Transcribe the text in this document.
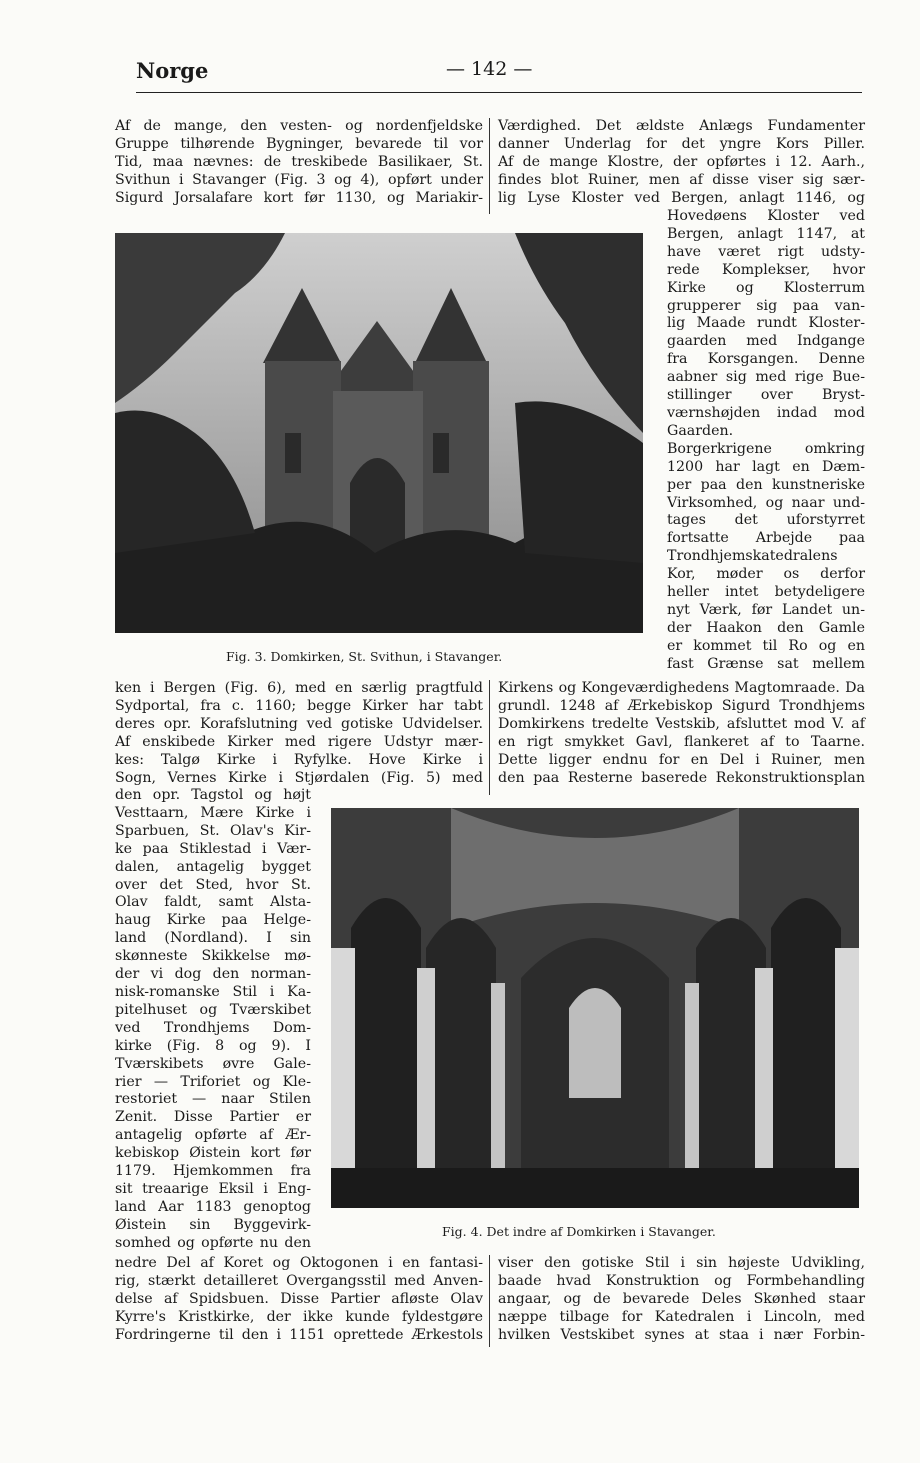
Norge	— 142 —

Af de mange, den vesten- og nordenfjeldske

Gruppe tilhørende Bygninger, bevarede til vor

Tid, maa nævnes: de treskibede Basilikaer, St.

Svithun i Stavanger (Fig. 3 og 4), opført under

Sigurd Jorsalafare kort før 1130, og Mariakir-

Værdighed. Det ældste Anlægs Fundamenter

danner Underlag for det yngre Kors Piller.

Af de mange Klostre, der opførtes i 12. Aarh.,

findes blot Ruiner, men af disse viser sig sær-

lig Lyse Kloster ved Bergen, anlagt 1146, og

Fig. 3. Domkirken, St. Svithun, i Stavanger.

Hovedøens Kloster ved

Bergen, anlagt 1147, at

have været rigt udsty-

rede Komplekser, hvor

Kirke og Klosterrum

grupperer sig paa van-

lig Maade rundt Kloster-

gaarden med Indgange

fra Korsgangen. Denne

aabner sig med rige Bue-

stillinger over Bryst-

værnshøjden indad mod

Gaarden.

Borgerkrigene omkring

1200 har lagt en Dæm-

per paa den kunstneriske

Virksomhed, og naar und-

tages det uforstyrret

fortsatte Arbejde paa

Trondhjemskatedralens

Kor, møder os derfor

heller intet betydeligere

nyt Værk, før Landet un-

der Haakon den Gamle

er kommet til Ro og en

fast Grænse sat mellem

ken i Bergen (Fig. 6), med en særlig pragtfuld

Sydportal, fra c. 1160; begge Kirker har tabt

deres opr. Korafslutning ved gotiske Udvidelser.

Af enskibede Kirker med rigere Udstyr mær-

kes: Talgø Kirke i Ryfylke. Hove Kirke i

Sogn, Vernes Kirke i Stjørdalen (Fig. 5) med

Kirkens og Kongeværdighedens Magtomraade. Da

grundl. 1248 af Ærkebiskop Sigurd Trondhjems

Domkirkens tredelte Vestskib, afsluttet mod V. af

en rigt smykket Gavl, flankeret af to Taarne.

Dette ligger endnu for en Del i Ruiner, men

den paa Resterne baserede Rekonstruktionsplan

den opr. Tagstol og højt

Vesttaarn, Mære Kirke i

Sparbuen, St. Olav's Kir-

ke paa Stiklestad i Vær-

dalen, antagelig bygget

over det Sted, hvor St.

Olav faldt, samt Alsta-

haug Kirke paa Helge-

land (Nordland). I sin

skønneste Skikkelse mø-

der vi dog den norman-

nisk-romanske Stil i Ka-

pitelhuset og Tværskibet

ved Trondhjems Dom-

kirke (Fig. 8 og 9). I

Tværskibets øvre Gale-

rier — Triforiet og Kle-

restoriet — naar Stilen

Zenit. Disse Partier er

antagelig opførte af Ær-

kebiskop Øistein kort før

1179. Hjemkommen fra

sit treaarige Eksil i Eng-

land Aar 1183 genoptog

Øistein sin Byggevirk-

somhed og opførte nu den

Fig. 4. Det indre af Domkirken i Stavanger.

nedre Del af Koret og Oktogonen i en fantasi-

rig, stærkt detailleret Overgangsstil med Anven-

delse af Spidsbuen. Disse Partier afløste Olav

Kyrre's Kristkirke, der ikke kunde fyldestgøre

Fordringerne til den i 1151 oprettede Ærkestols

viser den gotiske Stil i sin højeste Udvikling,

baade hvad Konstruktion og Formbehandling

angaar, og de bevarede Deles Skønhed staar

næppe tilbage for Katedralen i Lincoln, med

hvilken Vestskibet synes at staa i nær Forbin-
